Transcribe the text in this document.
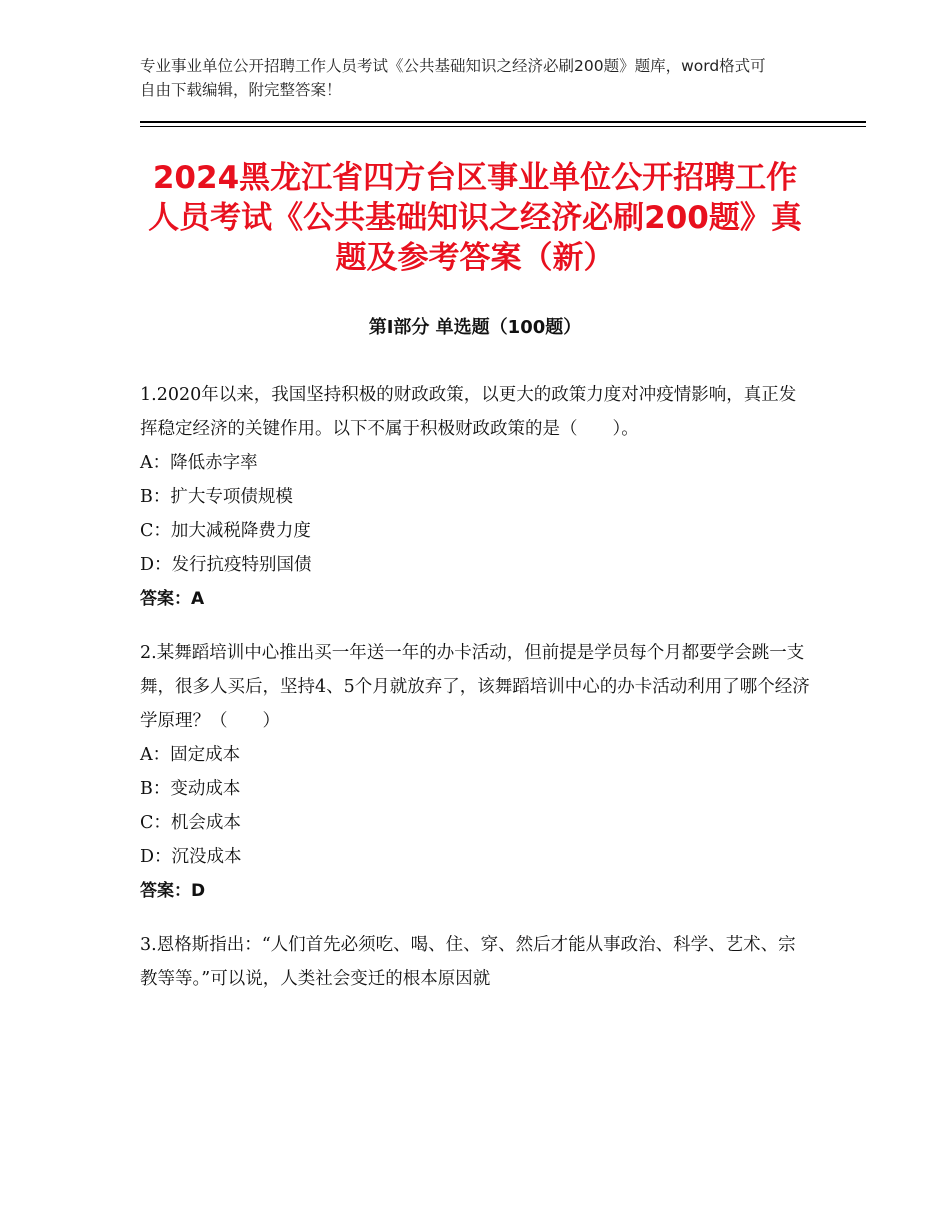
专业事业单位公开招聘工作人员考试《公共基础知识之经济必刷200题》题库，word格式可自由下载编辑，附完整答案！
2024黑龙江省四方台区事业单位公开招聘工作人员考试《公共基础知识之经济必刷200题》真题及参考答案（新）
第Ⅰ部分 单选题（100题）
1.2020年以来，我国坚持积极的财政政策，以更大的政策力度对冲疫情影响，真正发挥稳定经济的关键作用。以下不属于积极财政政策的是（　　）。
A：降低赤字率
B：扩大专项债规模
C：加大减税降费力度
D：发行抗疫特别国债
答案：A
2.某舞蹈培训中心推出买一年送一年的办卡活动，但前提是学员每个月都要学会跳一支舞，很多人买后，坚持4、5个月就放弃了，该舞蹈培训中心的办卡活动利用了哪个经济学原理？（　　）
A：固定成本
B：变动成本
C：机会成本
D：沉没成本
答案：D
3.恩格斯指出：“人们首先必须吃、喝、住、穿、然后才能从事政治、科学、艺术、宗教等等。”可以说，人类社会变迁的根本原因就
